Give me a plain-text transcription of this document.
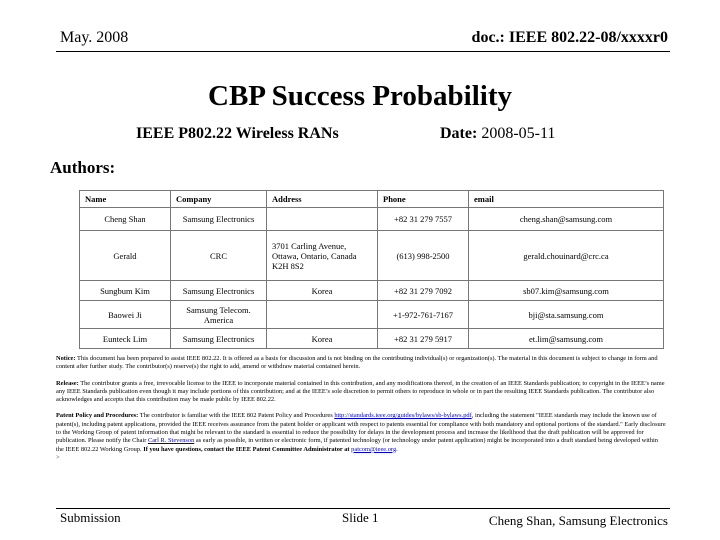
May. 2008	doc.: IEEE 802.22-08/xxxxr0
CBP Success Probability
IEEE P802.22 Wireless RANs	Date: 2008-05-11
Authors:
Name	Company	Address	Phone	email
Cheng Shan	Samsung Electronics		+82 31 279 7557	cheng.shan@samsung.com
Gerald	CRC	3701 Carling Avenue, Ottawa, Ontario, Canada K2H 8S2	(613) 998-2500	gerald.chouinard@crc.ca
Sungbum Kim	Samsung Electronics	Korea	+82 31 279 7092	sb07.kim@samsung.com
Baowei Ji	Samsung Telecom. America		+1-972-761-7167	bji@sta.samsung.com
Eunteck Lim	Samsung Electronics	Korea	+82 31 279 5917	et.lim@samsung.com

Notice: This document has been prepared to assist IEEE 802.22. It is offered as a basis for discussion and is not binding on the contributing individual(s) or organization(s). The material in this document is subject to change in form and content after further study. The contributor(s) reserve(s) the right to add, amend or withdraw material contained herein.

Release: The contributor grants a free, irrevocable license to the IEEE to incorporate material contained in this contribution, and any modifications thereof, in the creation of an IEEE Standards publication; to copyright in the IEEE’s name any IEEE Standards publication even though it may include portions of this contribution; and at the IEEE’s sole discretion to permit others to reproduce in whole or in part the resulting IEEE Standards publication. The contributor also acknowledges and accepts that this contribution may be made public by IEEE 802.22.

Patent Policy and Procedures: The contributor is familiar with the IEEE 802 Patent Policy and Procedures http://standards.ieee.org/guides/bylaws/sb-bylaws.pdf, including the statement "IEEE standards may include the known use of patent(s), including patent applications, provided the IEEE receives assurance from the patent holder or applicant with respect to patents essential for compliance with both mandatory and optional portions of the standard." Early disclosure to the Working Group of patent information that might be relevant to the standard is essential to reduce the possibility for delays in the development process and increase the likelihood that the draft publication will be approved for publication. Please notify the Chair Carl R. Stevenson as early as possible, in written or electronic form, if patented technology (or technology under patent application) might be incorporated into a draft standard being developed within the IEEE 802.22 Working Group. If you have questions, contact the IEEE Patent Committee Administrator at patcom@ieee.org.
>

Submission	Slide 1	Cheng Shan, Samsung Electronics
